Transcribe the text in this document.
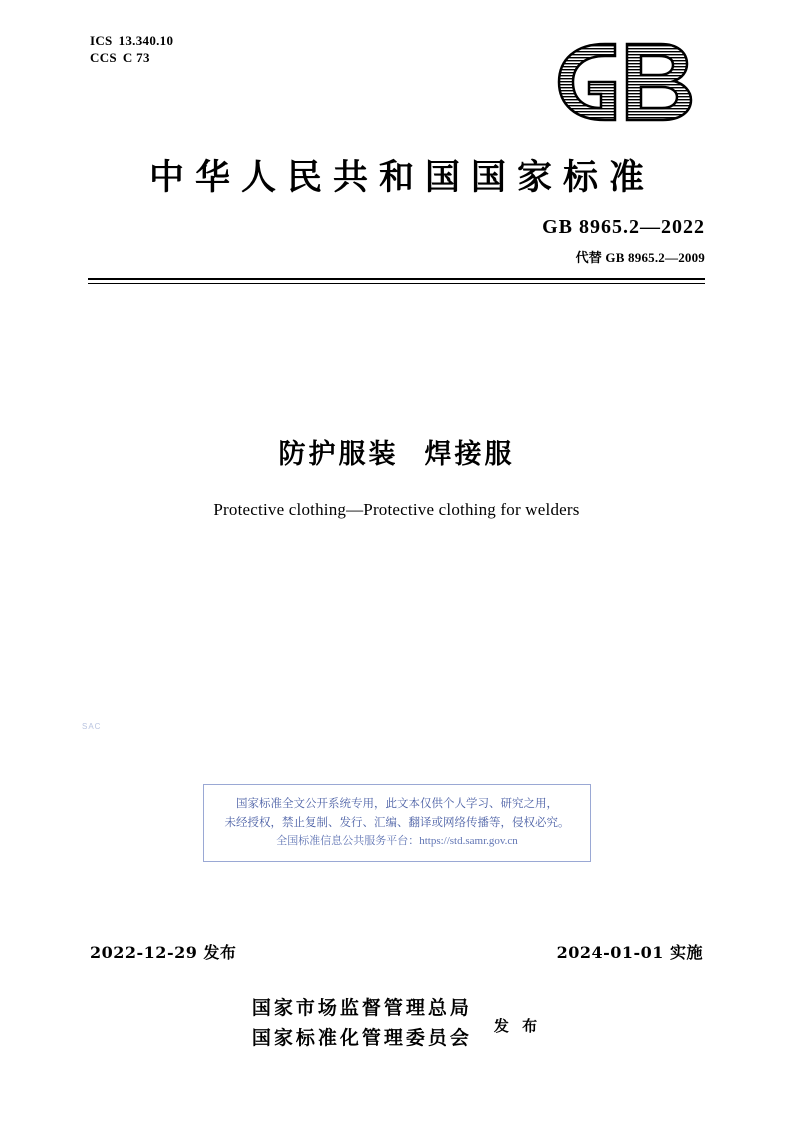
ICS 13.340.10
CCS C 73
中华人民共和国国家标准
GB 8965.2—2022
代替 GB 8965.2—2009
防护服装 焊接服
Protective clothing—Protective clothing for welders
SAC
国家标准全文公开系统专用，此文本仅供个人学习、研究之用，
未经授权，禁止复制、发行、汇编、翻译或网络传播等，侵权必究。
全国标准信息公共服务平台：https://std.samr.gov.cn
2022-12-29 发布	2024-01-01 实施
国家市场监督管理总局
国家标准化管理委员会
发 布
